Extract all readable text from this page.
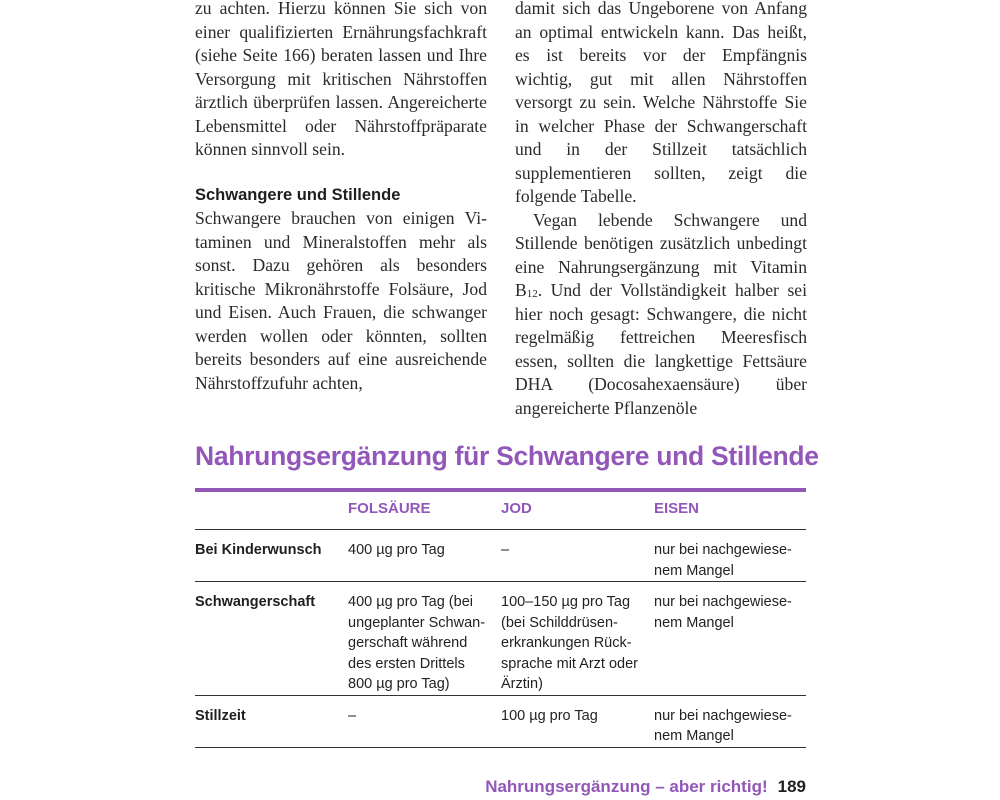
zu achten. Hierzu können Sie sich von einer qualifizierten Ernährungsfachkraft (siehe Seite 166) beraten lassen und Ihre Versorgung mit kritischen Nährstoffen ärztlich überprüfen lassen. Angereicherte Lebensmittel oder Nährstoffpräparate können sinnvoll sein.

Schwangere und Stillende

Schwangere brauchen von einigen Vitaminen und Mineralstoffen mehr als sonst. Dazu gehören als besonders kritische Mikronährstoffe Folsäure, Jod und Eisen. Auch Frauen, die schwanger werden wollen oder könnten, sollten bereits besonders auf eine ausreichende Nährstoffzufuhr achten,

damit sich das Ungeborene von Anfang an optimal entwickeln kann. Das heißt, es ist bereits vor der Empfängnis wichtig, gut mit allen Nährstoffen versorgt zu sein. Welche Nährstoffe Sie in welcher Phase der Schwangerschaft und in der Stillzeit tatsächlich supplementieren sollten, zeigt die folgende Tabelle.

Vegan lebende Schwangere und Stillende benötigen zusätzlich unbedingt eine Nahrungsergänzung mit Vitamin $B_{12}$. Und der Vollständigkeit halber sei hier noch gesagt: Schwangere, die nicht regelmäßig fettreichen Meeresfisch essen, sollten die langkettige Fettsäure DHA (Docosahexaensäure) über angereicherte Pflanzenöle

Nahrungsergänzung für Schwangere und Stillende
	FOLSÄURE	JOD	EISEN
Bei Kinderwunsch	400 µg pro Tag	–	nur bei nachgewiese-
nem Mangel

Schwangerschaft	400 µg pro Tag (bei
ungeplanter Schwan-
gerschaft während
des ersten Drittels
800 µg pro Tag)	100–150 µg pro Tag
(bei Schilddrüsen-
erkrankungen Rück-
sprache mit Arzt oder
Ärztin)	nur bei nachgewiese-
nem Mangel

Stillzeit	–	100 µg pro Tag	nur bei nachgewiese-
nem Mangel
Nahrungsergänzung – aber richtig! 189
